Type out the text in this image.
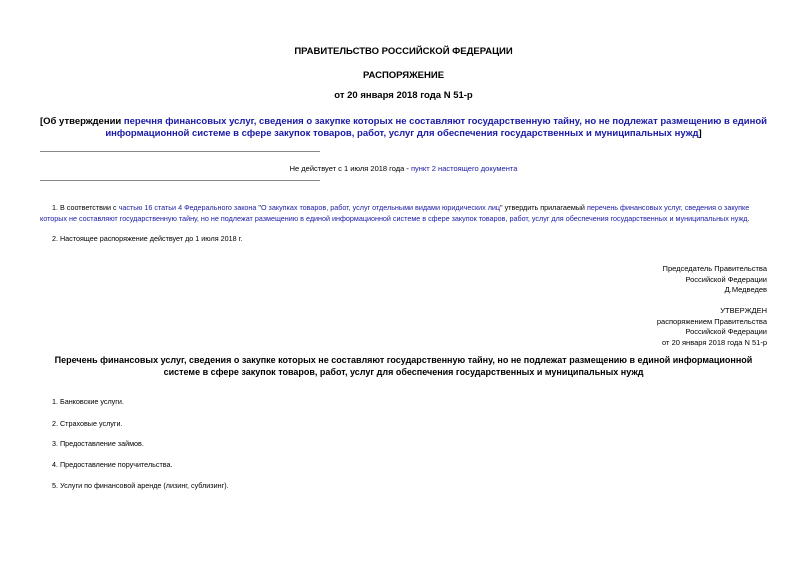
ПРАВИТЕЛЬСТВО РОССИЙСКОЙ ФЕДЕРАЦИИ
РАСПОРЯЖЕНИЕ
от 20 января 2018 года N 51-р
[Об утверждении перечня финансовых услуг, сведения о закупке которых не составляют государственную тайну, но не подлежат размещению в единой информационной системе в сфере закупок товаров, работ, услуг для обеспечения государственных и муниципальных нужд]
Не действует с 1 июля 2018 года - пункт 2 настоящего документа
1. В соответствии с частью 16 статьи 4 Федерального закона "О закупках товаров, работ, услуг отдельными видами юридических лиц" утвердить прилагаемый перечень финансовых услуг, сведения о закупке которых не составляют государственную тайну, но не подлежат размещению в единой информационной системе в сфере закупок товаров, работ, услуг для обеспечения государственных и муниципальных нужд.
2. Настоящее распоряжение действует до 1 июля 2018 г.
Председатель Правительства
Российской Федерации
Д.Медведев
УТВЕРЖДЕН
распоряжением Правительства
Российской Федерации
от 20 января 2018 года N 51-р
Перечень финансовых услуг, сведения о закупке которых не составляют государственную тайну, но не подлежат размещению в единой информационной системе в сфере закупок товаров, работ, услуг для обеспечения государственных и муниципальных нужд
1. Банковские услуги.
2. Страховые услуги.
3. Предоставление займов.
4. Предоставление поручительства.
5. Услуги по финансовой аренде (лизинг, сублизинг).
